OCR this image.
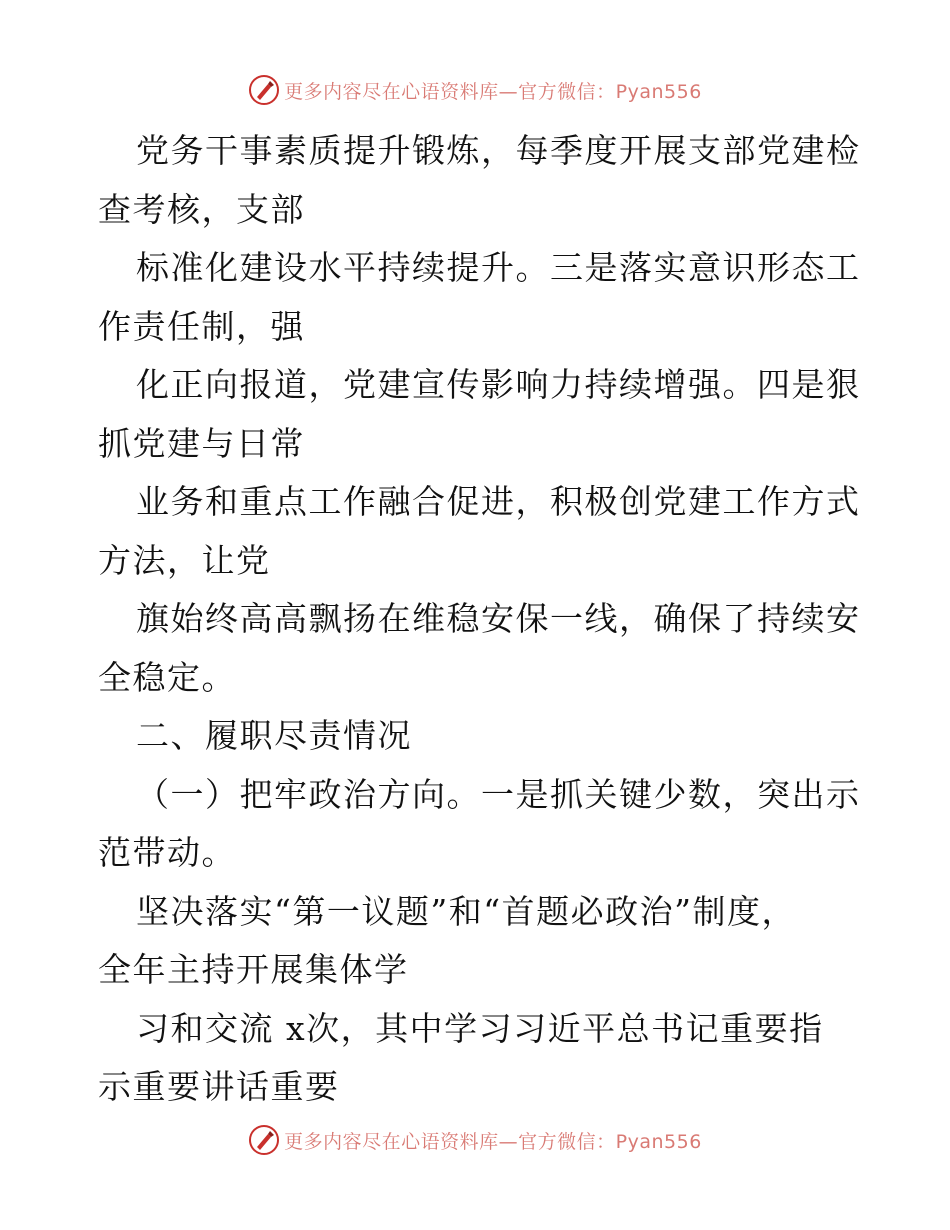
更多内容尽在心语资料库—官方微信：Pyan556
党务干事素质提升锻炼，每季度开展支部党建检
查考核，支部
标准化建设水平持续提升。三是落实意识形态工
作责任制，强
化正向报道，党建宣传影响力持续增强。四是狠
抓党建与日常
业务和重点工作融合促进，积极创党建工作方式
方法，让党
旗始终高高飘扬在维稳安保一线，确保了持续安
全稳定。
二、履职尽责情况
（一）把牢政治方向。一是抓关键少数，突出示
范带动。
坚决落实“第一议题”和“首题必政治”制度，
全年主持开展集体学
习和交流 x次，其中学习习近平总书记重要指
示重要讲话重要
更多内容尽在心语资料库—官方微信：Pyan556
